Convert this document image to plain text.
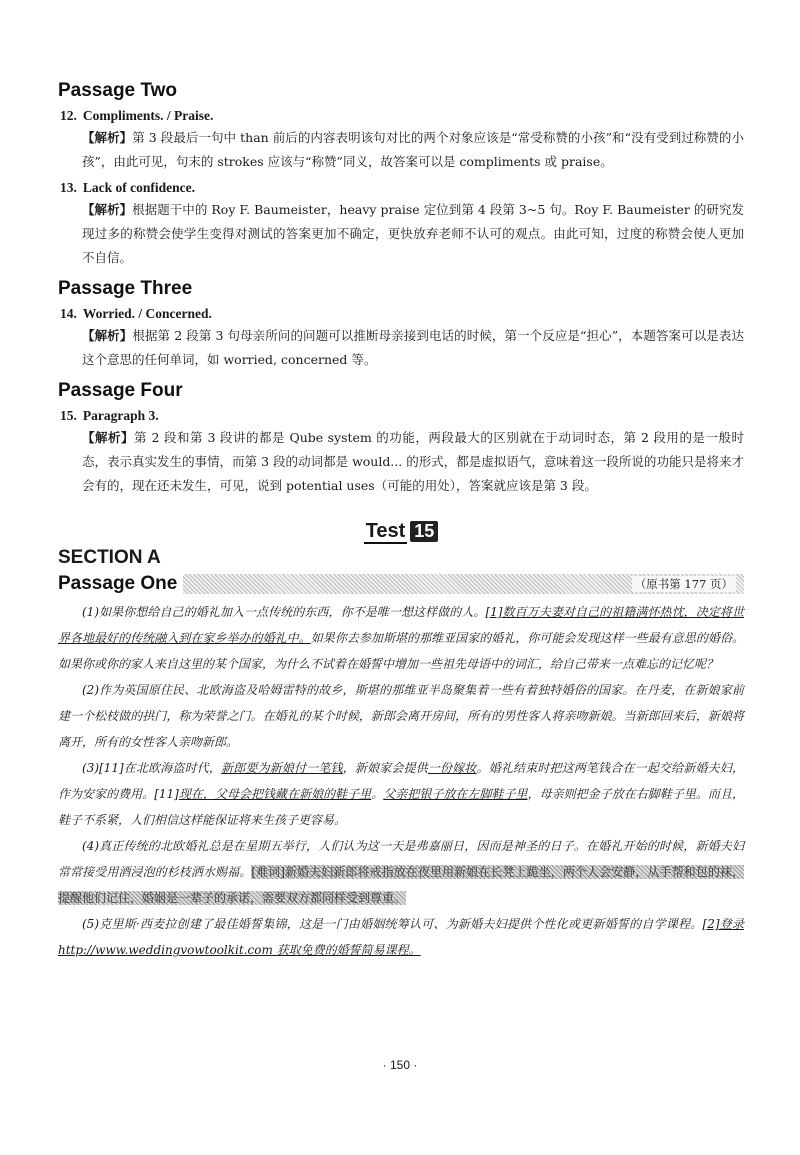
Passage Two
12. Compliments. / Praise.

【解析】第 3 段最后一句中 than 前后的内容表明该句对比的两个对象应该是“常受称赞的小孩”和“没有受到过称赞的小孩”，由此可见，句末的 strokes 应该与“称赞”同义，故答案可以是 compliments 或 praise。

13. Lack of confidence.

【解析】根据题干中的 Roy F. Baumeister，heavy praise 定位到第 4 段第 3~5 句。Roy F. Baumeister 的研究发现过多的称赞会使学生变得对测试的答案更加不确定，更快放弃老师不认可的观点。由此可知，过度的称赞会使人更加不自信。

Passage Three
14. Worried. / Concerned.

【解析】根据第 2 段第 3 句母亲所问的问题可以推断母亲接到电话的时候，第一个反应是“担心”，本题答案可以是表达这个意思的任何单词，如 worried, concerned 等。

Passage Four
15. Paragraph 3.

【解析】第 2 段和第 3 段讲的都是 Qube system 的功能，两段最大的区别就在于动词时态，第 2 段用的是一般时态，表示真实发生的事情，而第 3 段的动词都是 would... 的形式，都是虚拟语气，意味着这一段所说的功能只是将来才会有的，现在还未发生，可见，说到 potential uses（可能的用处），答案就应该是第 3 段。

Test 15
SECTION A
Passage One	（原书第 177 页）

(1)如果你想给自己的婚礼加入一点传统的东西，你不是唯一想这样做的人。[1]数百万夫妻对自己的祖籍满怀热忱，决定将世界各地最好的传统融入到在家乡举办的婚礼中。如果你去参加斯堪的那维亚国家的婚礼，你可能会发现这样一些最有意思的婚俗。如果你或你的家人来自这里的某个国家，为什么不试着在婚誓中增加一些祖先母语中的词汇，给自己带来一点难忘的记忆呢？

(2)作为英国原住民、北欧海盗及哈姆雷特的故乡，斯堪的那维亚半岛聚集着一些有着独特婚俗的国家。在丹麦，在新娘家前建一个松枝做的拱门，称为荣誉之门。在婚礼的某个时候，新郎会离开房间，所有的男性客人将亲吻新娘。当新郎回来后，新娘将离开，所有的女性客人亲吻新郎。

(3)[11]在北欧海盗时代，新郎要为新娘付一笔钱，新娘家会提供一份嫁妆。婚礼结束时把这两笔钱合在一起交给新婚夫妇，作为安家的费用。[11]现在，父母会把钱藏在新娘的鞋子里。父亲把银子放在左脚鞋子里，母亲则把金子放在右脚鞋子里。而且，鞋子不系紧，人们相信这样能保证将来生孩子更容易。

(4)真正传统的北欧婚礼总是在星期五举行，人们认为这一天是弗嘉丽日，因而是神圣的日子。在婚礼开始的时候，新婚夫妇常常接受用酒浸泡的杉枝洒水赐福。[难词]新婚夫妇新郎将戒指放在夜里用新娘在长凳上跪坐，两个人会安静，从手帮和包的袜，提醒他们记住，婚姻是一辈子的承诺，需要双方都同样受到尊重。

(5)克里斯·西麦拉创建了最佳婚誓集锦，这是一门由婚姻统筹认可、为新婚夫妇提供个性化或更新婚誓的自学课程。[2]登录 http://www.weddingvowtoolkit.com 获取免费的婚誓简易课程。

· 150 ·
